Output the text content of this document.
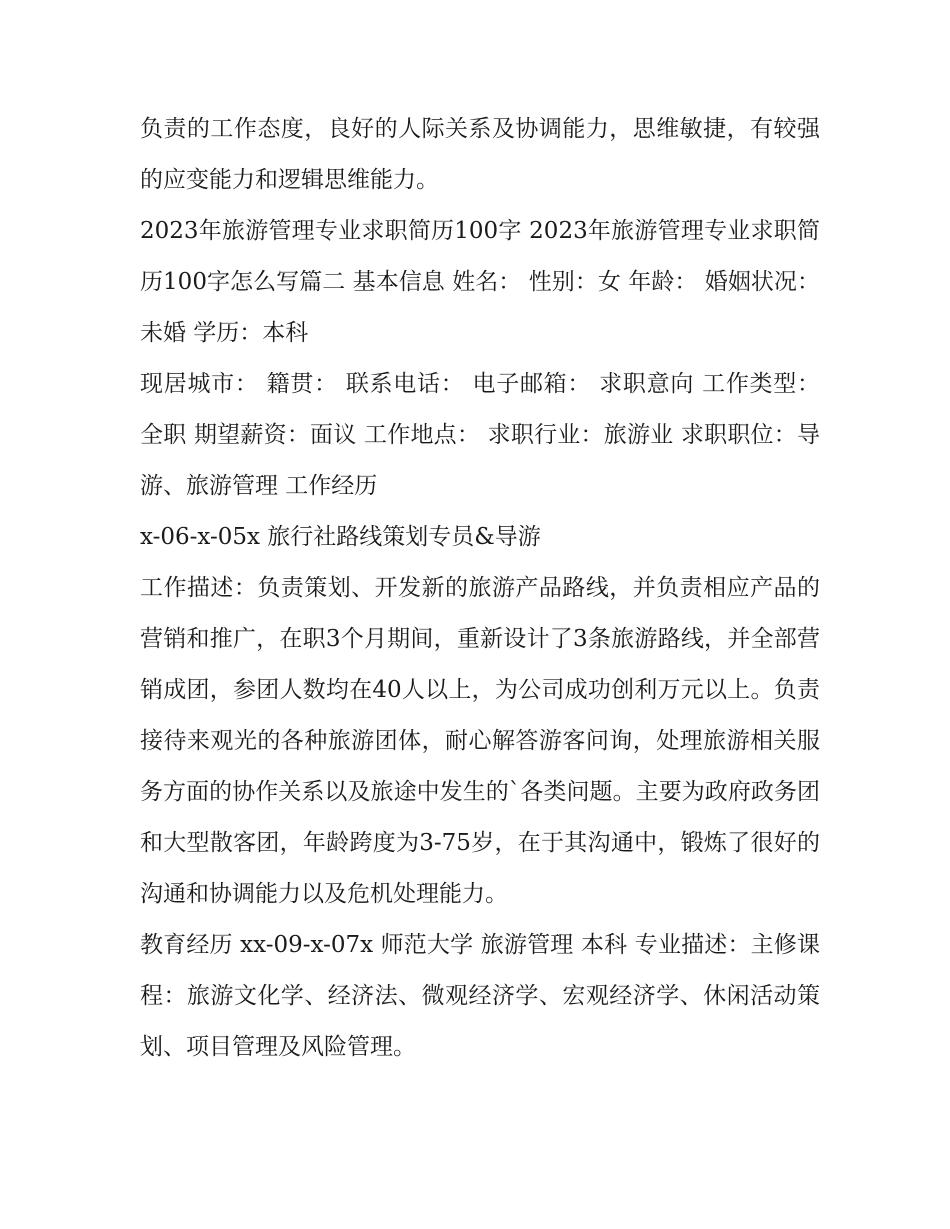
负责的工作态度，良好的人际关系及协调能力，思维敏捷，有较强的应变能力和逻辑思维能力。

2023年旅游管理专业求职简历100字 2023年旅游管理专业求职简历100字怎么写篇二 基本信息 姓名： 性别：女 年龄： 婚姻状况：未婚 学历：本科

现居城市： 籍贯： 联系电话： 电子邮箱： 求职意向 工作类型：全职 期望薪资：面议 工作地点： 求职行业：旅游业 求职职位：导游、旅游管理 工作经历

x-06-x-05x 旅行社路线策划专员&导游

工作描述：负责策划、开发新的旅游产品路线，并负责相应产品的营销和推广，在职3个月期间，重新设计了3条旅游路线，并全部营销成团，参团人数均在40人以上，为公司成功创利万元以上。负责接待来观光的各种旅游团体，耐心解答游客问询，处理旅游相关服务方面的协作关系以及旅途中发生的`各类问题。主要为政府政务团和大型散客团，年龄跨度为3-75岁，在于其沟通中，锻炼了很好的沟通和协调能力以及危机处理能力。

教育经历 xx-09-x-07x 师范大学 旅游管理 本科 专业描述：主修课程：旅游文化学、经济法、微观经济学、宏观经济学、休闲活动策划、项目管理及风险管理。
